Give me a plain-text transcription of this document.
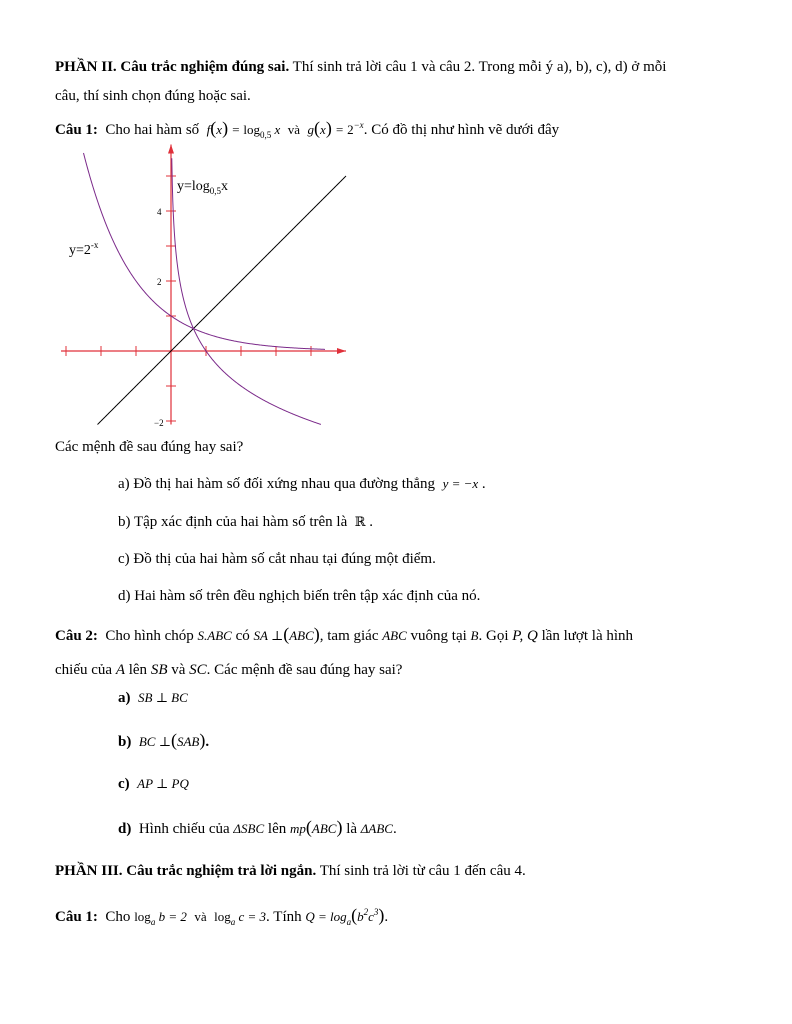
PHẦN II. Câu trắc nghiệm đúng sai. Thí sinh trả lời câu 1 và câu 2. Trong mỗi ý a), b), c), d) ở mỗi
câu, thí sinh chọn đúng hoặc sai.
Câu 1: Cho hai hàm số $f(x) = \log_{0,5} x$ và $g(x) = 2^{-x}$. Có đồ thị như hình vẽ dưới đây
$y=2^{-x}$
$y=\log_{0,5}x$
4
2
−2
Các mệnh đề sau đúng hay sai?
a) Đồ thị hai hàm số đối xứng nhau qua đường thẳng y = −x .
b) Tập xác định của hai hàm số trên là ℝ .
c) Đồ thị của hai hàm số cắt nhau tại đúng một điểm.
d) Hai hàm số trên đều nghịch biến trên tập xác định của nó.
Câu 2: Cho hình chóp S.ABC có SA ⊥(ABC), tam giác ABC vuông tại B. Gọi P, Q lần lượt là hình
chiếu của A lên SB và SC. Các mệnh đề sau đúng hay sai?
a) SB ⊥ BC
b) BC ⊥(SAB).
c) AP ⊥ PQ
d) Hình chiếu của ΔSBC lên mp(ABC) là ΔABC.
PHẦN III. Câu trắc nghiệm trả lời ngắn. Thí sinh trả lời từ câu 1 đến câu 4.
Câu 1: Cho $\log_a b = 2$ và $\log_a c = 3$. Tính $Q = \log_a(b^2c^3)$.
